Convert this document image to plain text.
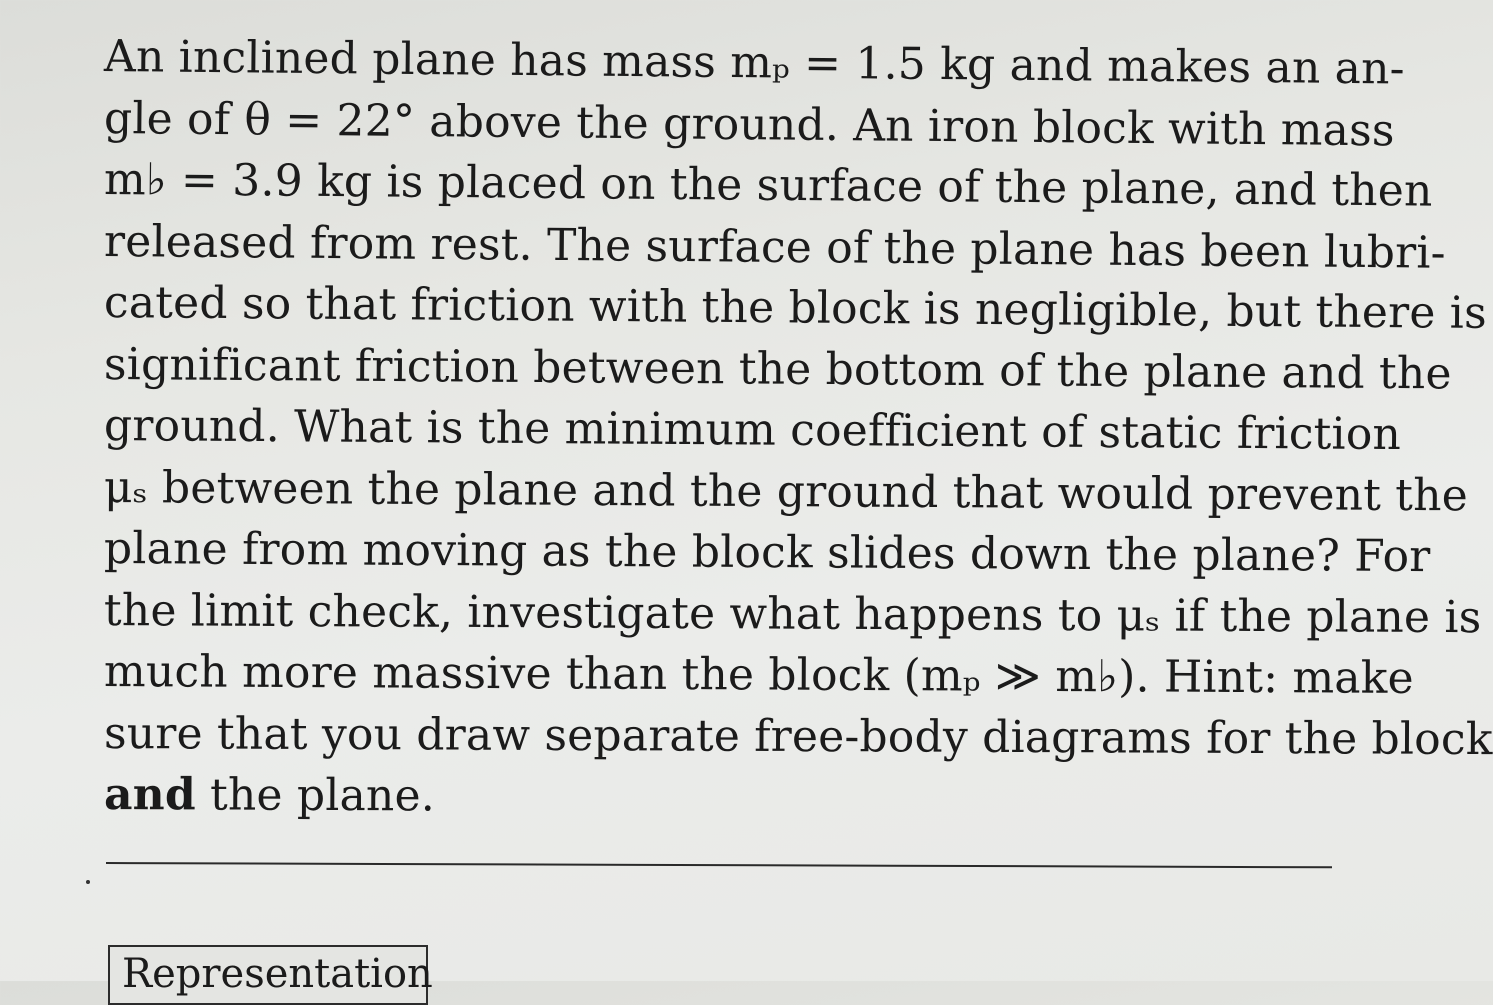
An inclined plane has mass mₚ = 1.5 kg and makes an an-
gle of θ = 22° above the ground. An iron block with mass
m♭ = 3.9 kg is placed on the surface of the plane, and then
released from rest. The surface of the plane has been lubri-
cated so that friction with the block is negligible, but there is
significant friction between the bottom of the plane and the
ground. What is the minimum coefficient of static friction
μₛ between the plane and the ground that would prevent the
plane from moving as the block slides down the plane? For
the limit check, investigate what happens to μₛ if the plane is
much more massive than the block (mₚ ≫ m♭). Hint: make
sure that you draw separate free-body diagrams for the block
and the plane.
Representation
